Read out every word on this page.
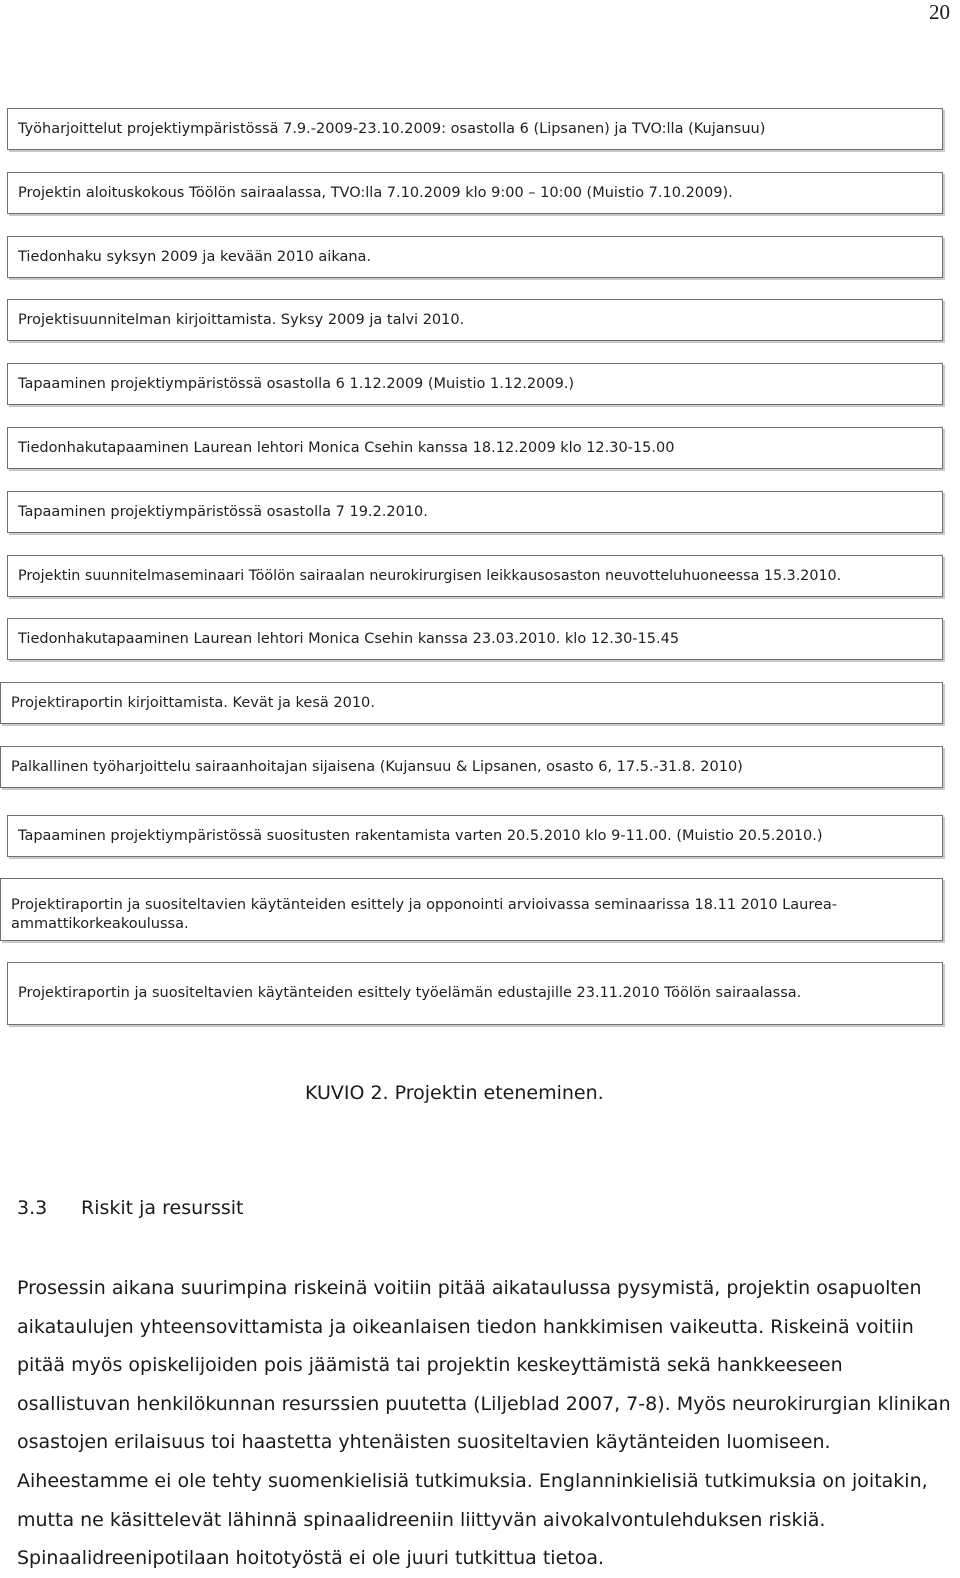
20
Työharjoittelut projektiympäristössä 7.9.-2009-23.10.2009: osastolla 6 (Lipsanen) ja TVO:lla (Kujansuu)
Projektin aloituskokous Töölön sairaalassa, TVO:lla 7.10.2009 klo 9:00 – 10:00 (Muistio 7.10.2009).
Tiedonhaku syksyn 2009 ja kevään 2010 aikana.
Projektisuunnitelman kirjoittamista. Syksy 2009 ja talvi 2010.
Tapaaminen projektiympäristössä osastolla 6 1.12.2009 (Muistio 1.12.2009.)
Tiedonhakutapaaminen Laurean lehtori Monica Csehin kanssa 18.12.2009 klo 12.30-15.00
Tapaaminen projektiympäristössä osastolla 7 19.2.2010.
Projektin suunnitelmaseminaari Töölön sairaalan neurokirurgisen leikkausosaston neuvotteluhuoneessa 15.3.2010.
Tiedonhakutapaaminen Laurean lehtori Monica Csehin kanssa 23.03.2010. klo 12.30-15.45
Projektiraportin kirjoittamista. Kevät ja kesä 2010.
Palkallinen työharjoittelu sairaanhoitajan sijaisena (Kujansuu & Lipsanen, osasto 6, 17.5.-31.8. 2010)
Tapaaminen projektiympäristössä suositusten rakentamista varten 20.5.2010 klo 9-11.00. (Muistio 20.5.2010.)
Projektiraportin ja suositeltavien käytänteiden esittely ja opponointi arvioivassa seminaarissa 18.11 2010 Laurea-ammattikorkeakoulussa.
Projektiraportin ja suositeltavien käytänteiden esittely työelämän edustajille 23.11.2010 Töölön sairaalassa.
KUVIO 2. Projektin eteneminen.
3.3 Riskit ja resurssit
Prosessin aikana suurimpina riskeinä voitiin pitää aikataulussa pysymistä, projektin osapuolten aikataulujen yhteensovittamista ja oikeanlaisen tiedon hankkimisen vaikeutta. Riskeinä voitiin pitää myös opiskelijoiden pois jäämistä tai projektin keskeyttämistä sekä hankkeeseen osallistuvan henkilökunnan resurssien puutetta (Liljeblad 2007, 7-8). Myös neurokirurgian klinikan osastojen erilaisuus toi haastetta yhtenäisten suositeltavien käytänteiden luomiseen. Aiheestamme ei ole tehty suomenkielisiä tutkimuksia. Englanninkielisiä tutkimuksia on joitakin, mutta ne käsittelevät lähinnä spinaalidreeniin liittyvän aivokalvontulehduksen riskiä. Spinaalidreenipotilaan hoitotyöstä ei ole juuri tutkittua tietoa.
